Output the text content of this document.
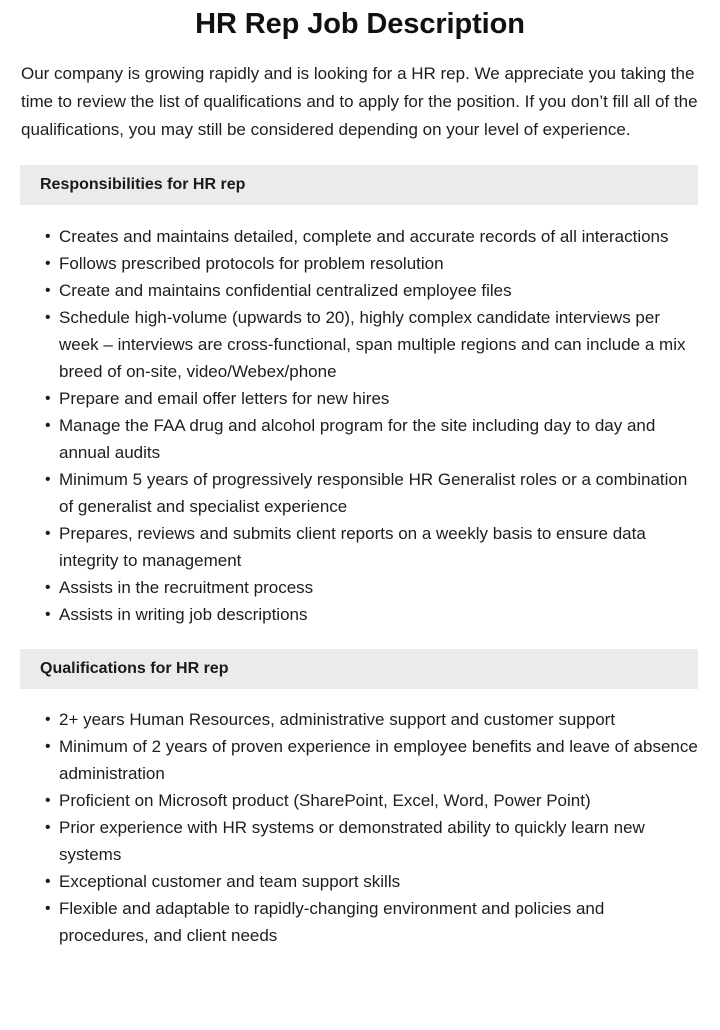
HR Rep Job Description

Our company is growing rapidly and is looking for a HR rep. We appreciate you taking the time to review the list of qualifications and to apply for the position. If you don’t fill all of the qualifications, you may still be considered depending on your level of experience.

Responsibilities for HR rep
• Creates and maintains detailed, complete and accurate records of all interactions
• Follows prescribed protocols for problem resolution
• Create and maintains confidential centralized employee files
• Schedule high-volume (upwards to 20), highly complex candidate interviews per week – interviews are cross-functional, span multiple regions and can include a mix breed of on-site, video/Webex/phone
• Prepare and email offer letters for new hires
• Manage the FAA drug and alcohol program for the site including day to day and annual audits
• Minimum 5 years of progressively responsible HR Generalist roles or a combination of generalist and specialist experience
• Prepares, reviews and submits client reports on a weekly basis to ensure data integrity to management
• Assists in the recruitment process
• Assists in writing job descriptions
Qualifications for HR rep
• 2+ years Human Resources, administrative support and customer support
• Minimum of 2 years of proven experience in employee benefits and leave of absence administration
• Proficient on Microsoft product (SharePoint, Excel, Word, Power Point)
• Prior experience with HR systems or demonstrated ability to quickly learn new systems
• Exceptional customer and team support skills
• Flexible and adaptable to rapidly-changing environment and policies and procedures, and client needs
